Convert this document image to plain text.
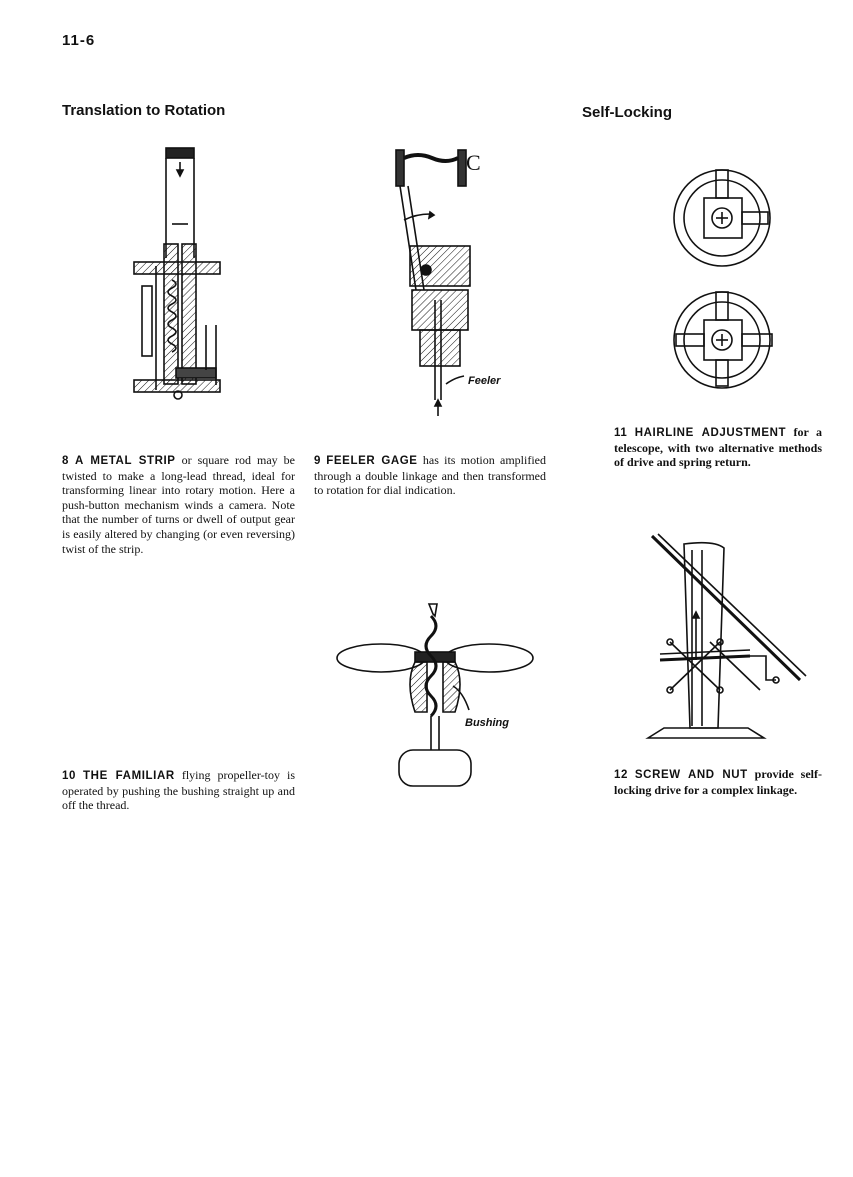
11-6
Translation to Rotation	Self-Locking
C
Feeler
Bushing
8 A METAL STRIP or square rod may be twisted to make a long-lead thread, ideal for transforming linear into rotary motion. Here a push-button mechanism winds a camera. Note that the number of turns or dwell of output gear is easily altered by changing (or even reversing) twist of the strip.
9 FEELER GAGE has its motion amplified through a double linkage and then transformed to rotation for dial indication.
11 HAIRLINE ADJUSTMENT for a telescope, with two alternative methods of drive and spring return.
10 THE FAMILIAR flying propeller-toy is operated by pushing the bushing straight up and off the thread.
12 SCREW AND NUT provide self-locking drive for a complex linkage.
